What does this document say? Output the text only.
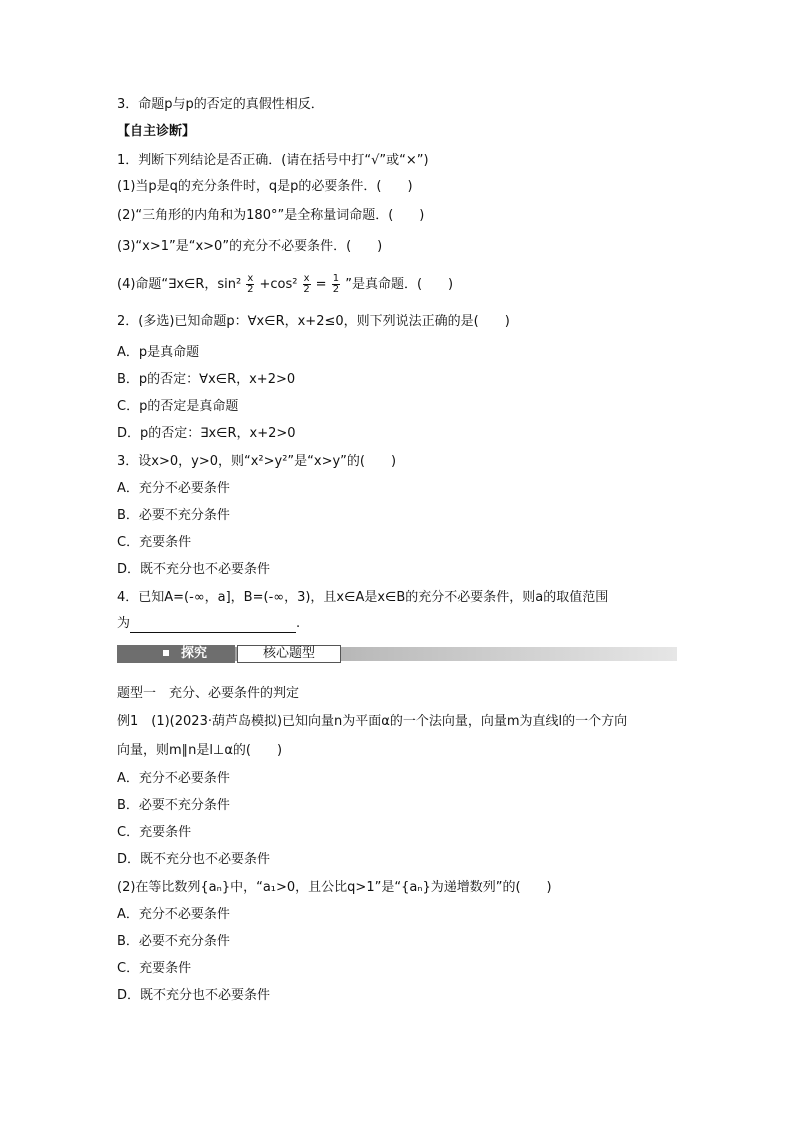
3．命题p与p的否定的真假性相反．
【自主诊断】
1．判断下列结论是否正确．(请在括号中打“√”或“×”)
(1)当p是q的充分条件时，q是p的必要条件．(　　)
(2)“三角形的内角和为180°”是全称量词命题．(　　)
(3)“x>1”是“x>0”的充分不必要条件．(　　)
(4)命题“∃x∈R，$\sin^2 \frac{x}{2} +\cos^2 \frac{x}{2} = \frac{1}{2}$ ”是真命题．(　　)
2．(多选)已知命题p：∀x∈R，x+2≤0，则下列说法正确的是(　　)
A．p是真命题
B．p的否定：∀x∈R，x+2>0
C．p的否定是真命题
D．p的否定：∃x∈R，x+2>0
3．设x>0，y>0，则“x²>y²”是“x>y”的(　　)
A．充分不必要条件
B．必要不充分条件
C．充要条件
D．既不充分也不必要条件
4．已知A=(-∞，a]，B=(-∞，3)，且x∈A是x∈B的充分不必要条件，则a的取值范围
为	.
探究	核心题型
题型一　充分、必要条件的判定
例1　(1)(2023·葫芦岛模拟)已知向量n为平面α的一个法向量，向量m为直线l的一个方向
向量，则m∥n是l⊥α的(　　)
A．充分不必要条件
B．必要不充分条件
C．充要条件
D．既不充分也不必要条件
(2)在等比数列{aₙ}中，“a₁>0，且公比q>1”是“{aₙ}为递增数列”的(　　)
A．充分不必要条件
B．必要不充分条件
C．充要条件
D．既不充分也不必要条件
